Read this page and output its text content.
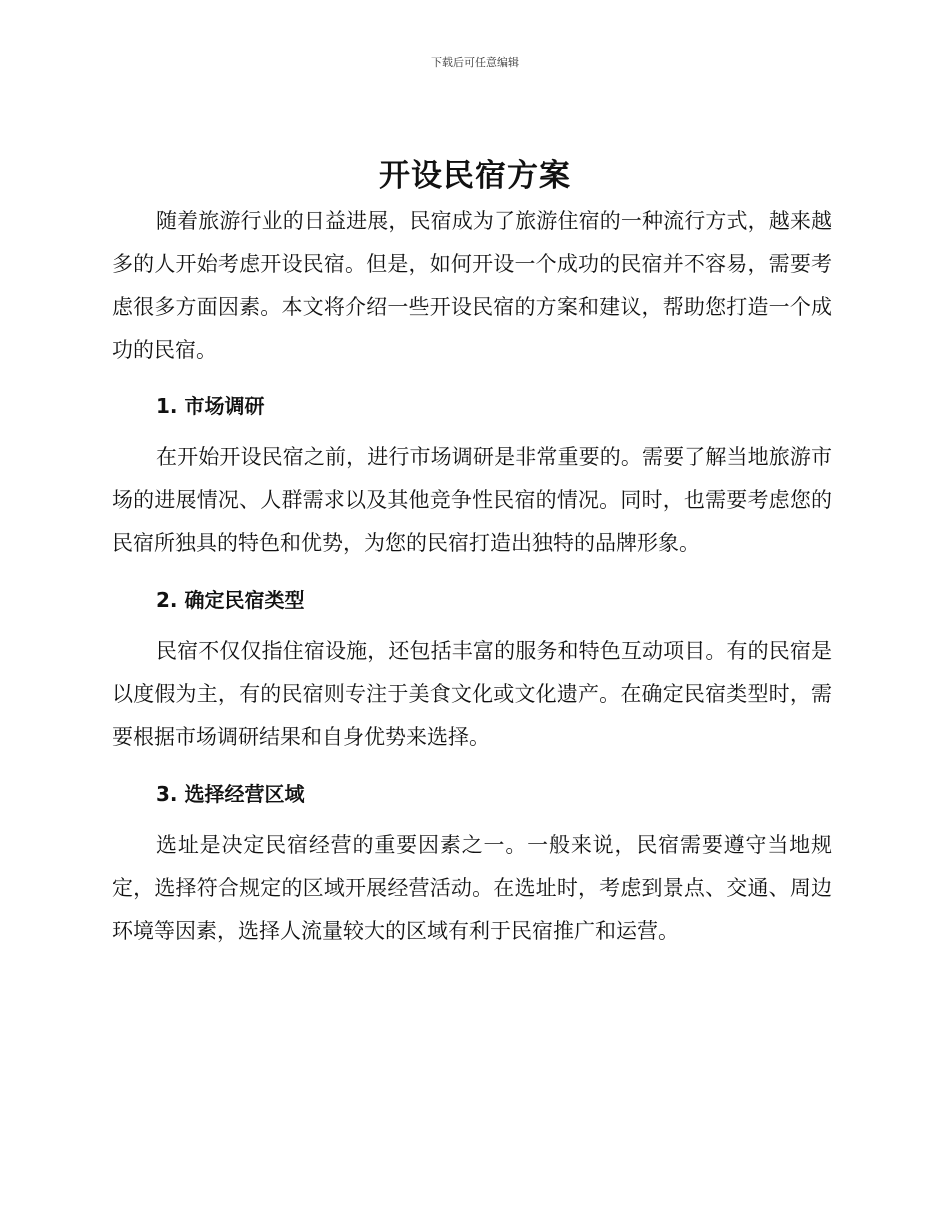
下载后可任意编辑
开设民宿方案

随着旅游行业的日益进展，民宿成为了旅游住宿的一种流行方式，越来越多的人开始考虑开设民宿。但是，如何开设一个成功的民宿并不容易，需要考虑很多方面因素。本文将介绍一些开设民宿的方案和建议，帮助您打造一个成功的民宿。

1. 市场调研

在开始开设民宿之前，进行市场调研是非常重要的。需要了解当地旅游市场的进展情况、人群需求以及其他竞争性民宿的情况。同时，也需要考虑您的民宿所独具的特色和优势，为您的民宿打造出独特的品牌形象。

2. 确定民宿类型

民宿不仅仅指住宿设施，还包括丰富的服务和特色互动项目。有的民宿是以度假为主，有的民宿则专注于美食文化或文化遗产。在确定民宿类型时，需要根据市场调研结果和自身优势来选择。

3. 选择经营区域

选址是决定民宿经营的重要因素之一。一般来说，民宿需要遵守当地规定，选择符合规定的区域开展经营活动。在选址时，考虑到景点、交通、周边环境等因素，选择人流量较大的区域有利于民宿推广和运营。
